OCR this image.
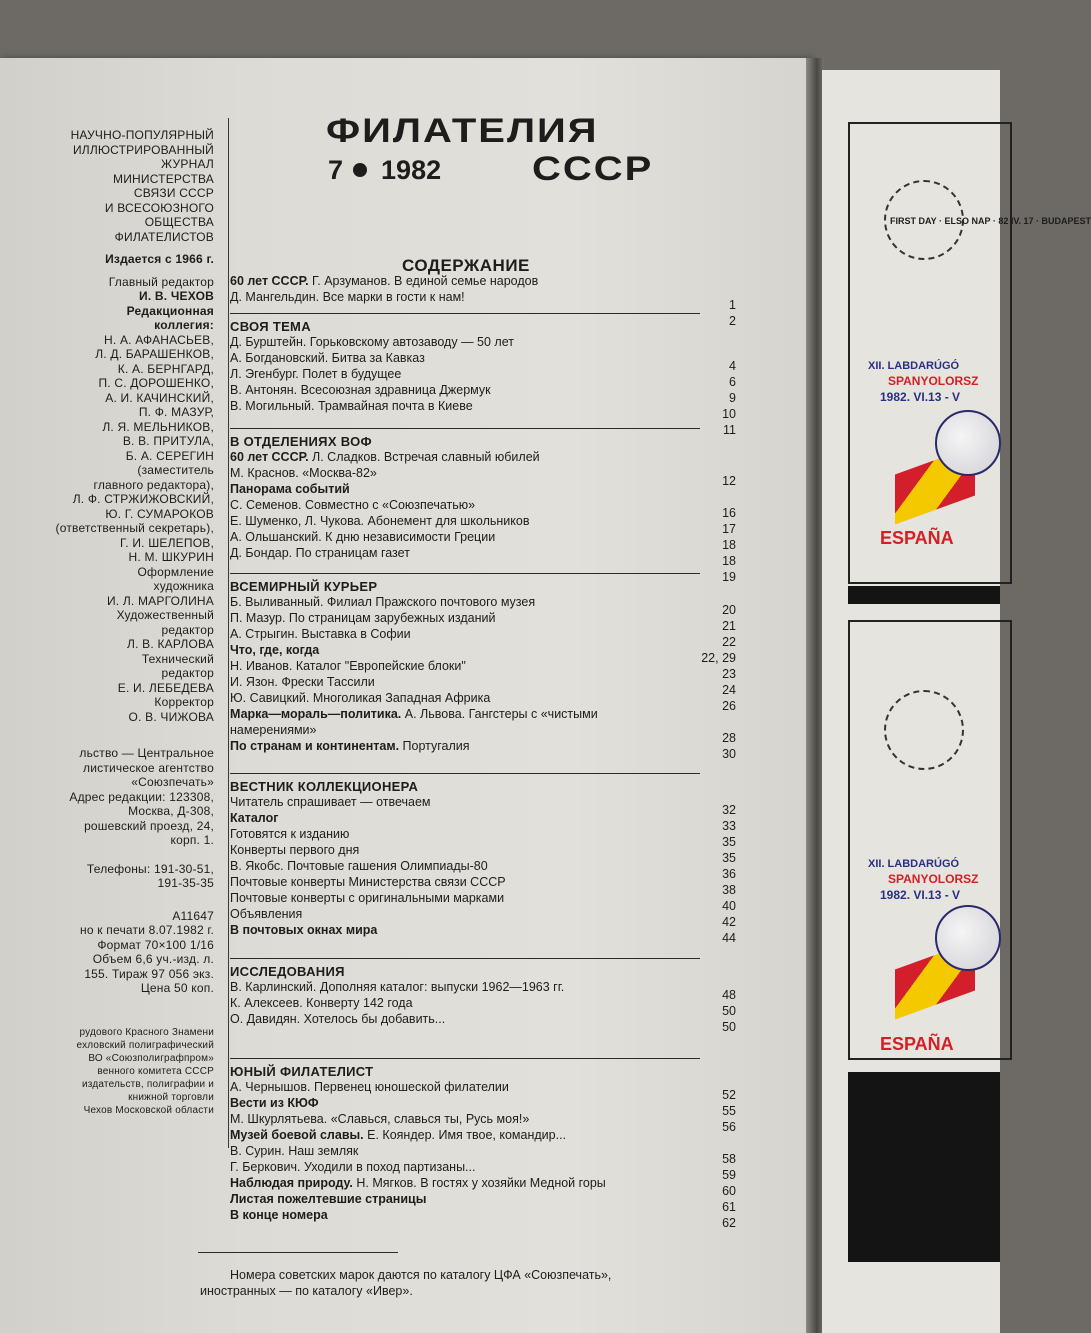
НАУЧНО-ПОПУЛЯРНЫЙ
ИЛЛЮСТРИРОВАННЫЙ
ЖУРНАЛ
МИНИСТЕРСТВА
СВЯЗИ СССР
И ВСЕСОЮЗНОГО
ОБЩЕСТВА
ФИЛАТЕЛИСТОВ
Издается с 1966 г.
Главный редактор
И. В. ЧЕХОВ
Редакционная
коллегия:
Н. А. АФАНАСЬЕВ,
Л. Д. БАРАШЕНКОВ,
К. А. БЕРНГАРД,
П. С. ДОРОШЕНКО,
А. И. КАЧИНСКИЙ,
П. Ф. МАЗУР,
Л. Я. МЕЛЬНИКОВ,
В. В. ПРИТУЛА,
Б. А. СЕРЕГИН
(заместитель
главного редактора),
Л. Ф. СТРЖИЖОВСКИЙ,
Ю. Г. СУМАРОКОВ
(ответственный секретарь),
Г. И. ШЕЛЕПОВ,
Н. М. ШКУРИН
Оформление
художника
И. Л. МАРГОЛИНА
Художественный
редактор
Л. В. КАРЛОВА
Технический
редактор
Е. И. ЛЕБЕДЕВА
Корректор
О. В. ЧИЖОВА
льство — Центральное
листическое агентство
«Союзпечать»
Адрес редакции: 123308,
Москва, Д-308,
рошевский проезд, 24,
корп. 1.
Телефоны: 191-30-51,
191-35-35
А11647
но к печати 8.07.1982 г.
Формат 70×100 1/16
Объем 6,6 уч.-изд. л.
155. Тираж 97 056 экз.
Цена 50 коп.
рудового Красного Знамени
ехловский полиграфический
ВО «Союзполиграфпром»
венного комитета СССР
издательств, полиграфии и
книжной торговли
Чехов Московской области
ФИЛАТЕЛИЯ
7 1982 СССР
СОДЕРЖАНИЕ
60 лет СССР. Г. Арзуманов. В единой семье народов
Д. Мангельдин. Все марки в гости к нам!
1
2
СВОЯ ТЕМА
Д. Бурштейн. Горьковскому автозаводу — 50 лет
А. Богдановский. Битва за Кавказ
4
Л. Эгенбург. Полет в будущее
6
В. Антонян. Всесоюзная здравница Джермук
9
В. Могильный. Трамвайная почта в Киеве
10
11
В ОТДЕЛЕНИЯХ ВОФ
60 лет СССР. Л. Сладков. Встречая славный юбилей
М. Краснов. «Москва-82»
12
Панорама событий
С. Семенов. Совместно с «Союзпечатью»
16
Е. Шуменко, Л. Чукова. Абонемент для школьников
17
А. Ольшанский. К дню независимости Греции
18
Д. Бондар. По страницам газет
18
19
ВСЕМИРНЫЙ КУРЬЕР
Б. Выливанный. Филиал Пражского почтового музея
20
П. Мазур. По страницам зарубежных изданий
21
А. Стрыгин. Выставка в Софии
22
Что, где, когда
22, 29
Н. Иванов. Каталог "Европейские блоки"
23
И. Язон. Фрески Тассили
24
Ю. Савицкий. Многоликая Западная Африка
26
Марка—мораль—политика. А. Львова. Гангстеры с «чистыми
намерениями»
28
По странам и континентам. Португалия
30
ВЕСТНИК КОЛЛЕКЦИОНЕРА
Читатель спрашивает — отвечаем
32
Каталог
33
Готовятся к изданию
35
Конверты первого дня
35
В. Якобс. Почтовые гашения Олимпиады-80
36
Почтовые конверты Министерства связи СССР
38
Почтовые конверты с оригинальными марками
40
Объявления
42
В почтовых окнах мира
44
ИССЛЕДОВАНИЯ
В. Карлинский. Дополняя каталог: выпуски 1962—1963 гг.
48
К. Алексеев. Конверту 142 года
50
О. Давидян. Хотелось бы добавить...
50
ЮНЫЙ ФИЛАТЕЛИСТ
А. Чернышов. Первенец юношеской филателии
52
Вести из КЮФ
55
М. Шкурлятьева. «Славься, славься ты, Русь моя!»
56
Музей боевой славы. Е. Кояндер. Имя твое, командир...
В. Сурин. Наш земляк
58
Г. Беркович. Уходили в поход партизаны...
59
Наблюдая природу. Н. Мягков. В гостях у хозяйки Медной горы
60
Листая пожелтевшие страницы
61
В конце номера
62
Номера советских марок даются по каталогу ЦФА «Союзпечать»,
иностранных — по каталогу «Ивер».
FIRST DAY · ELSO NAP · 82 IV. 17 · BUDAPEST
XII. LABDARÚGÓ
SPANYOLORSZ
1982. VI.13 - V
ESPAÑA
XII. LABDARÚGÓ
SPANYOLORSZ
1982. VI.13 - V
ESPAÑA
